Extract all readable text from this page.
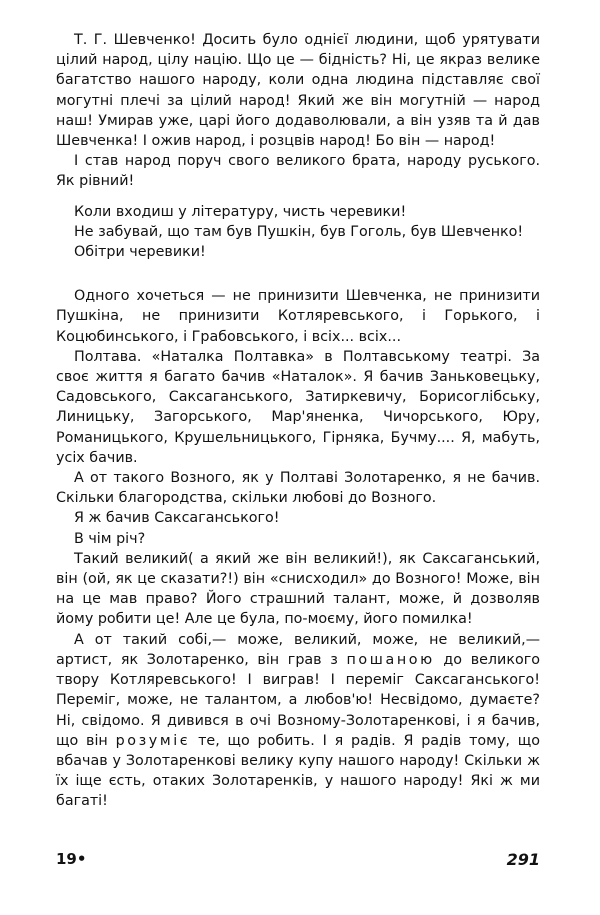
Т. Г. Шевченко! Досить було однієї людини, щоб урятувати цілий народ, цілу націю. Що це — бідність? Ні, це якраз велике багатство нашого народу, коли одна людина підставляє свої могутні плечі за цілий народ! Який же він могутній — народ наш! Умирав уже, царі його додаволювали, а він узяв та й дав Шевченка! І ожив народ, і розцвів народ! Бо він — народ!

І став народ поруч свого великого брата, народу руського. Як рівний!

Коли входиш у літературу, чисть черевики!

Не забувай, що там був Пушкін, був Гоголь, був Шевченко!

Обітри черевики!

Одного хочеться — не принизити Шевченка, не принизити Пушкіна, не принизити Котляревського, і Горького, і Коцюбинського, і Грабовського, і всіх... всіх...

Полтава. «Наталка Полтавка» в Полтавському театрі. За своє життя я багато бачив «Наталок». Я бачив Заньковецьку, Садовського, Саксаганського, Затиркевичу, Борисоглібську, Линицьку, Загорського, Мар'яненка, Чичорського, Юру, Романицького, Крушельницького, Гірняка, Бучму.... Я, мабуть, усіх бачив.

А от такого Возного, як у Полтаві Золотаренко, я не бачив. Скільки благородства, скільки любові до Возного.

Я ж бачив Саксаганського!

В чім річ?

Такий великий( а який же він великий!), як Саксаганський, він (ой, як це сказати?!) він «снисходил» до Возного! Може, він на це мав право? Його страшний талант, може, й дозволяв йому робити це! Але це була, по-моєму, його помилка!

А от такий собі,— може, великий, може, не великий,— артист, як Золотаренко, він грав з пошаною до великого твору Котляревського! І виграв! І переміг Саксаганського! Переміг, може, не талантом, а любов'ю! Несвідомо, думаєте? Ні, свідомо. Я дивився в очі Возному-Золотаренкові, і я бачив, що він розуміє те, що робить. І я радів. Я радів тому, що вбачав у Золотаренкові велику купу нашого народу! Скільки ж їх іще єсть, отаких Золотаренків, у нашого народу! Які ж ми багаті!

19•	291
